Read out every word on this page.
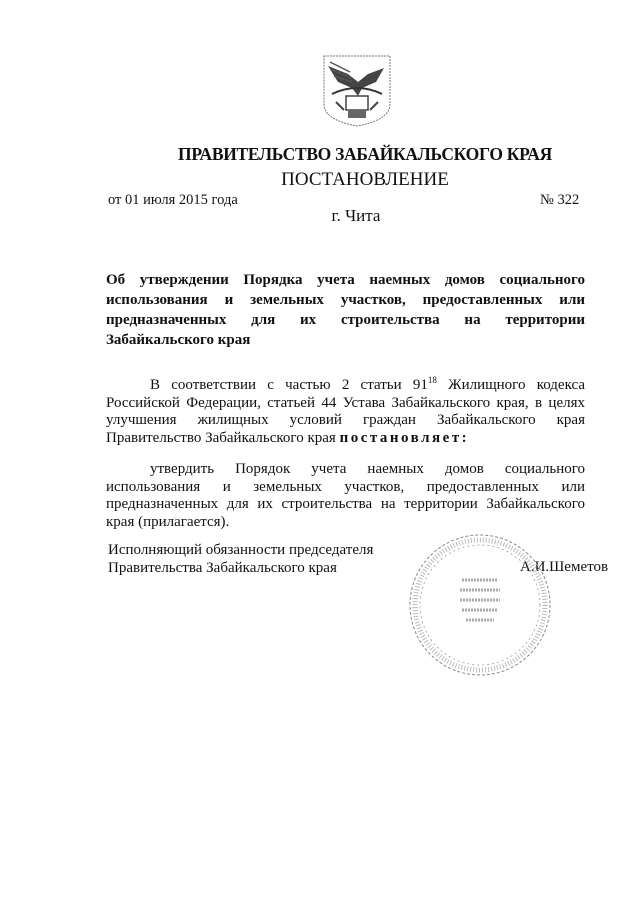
ПРАВИТЕЛЬСТВО ЗАБАЙКАЛЬСКОГО КРАЯ
ПОСТАНОВЛЕНИЕ
от 01 июля 2015 года	№ 322
г. Чита
Об утверждении Порядка учета наемных домов социального использования и земельных участков, предоставленных или предназначенных для их строительства на территории Забайкальского края
В соответствии с частью 2 статьи $91^{18}$ Жилищного кодекса Российской Федерации, статьей 44 Устава Забайкальского края, в целях улучшения жилищных условий граждан Забайкальского края Правительство Забайкальского края постановляет:
утвердить Порядок учета наемных домов социального использования и земельных участков, предоставленных или предназначенных для их строительства на территории Забайкальского края (прилагается).
Исполняющий обязанности председателя
Правительства Забайкальского края	А.И.Шеметов
